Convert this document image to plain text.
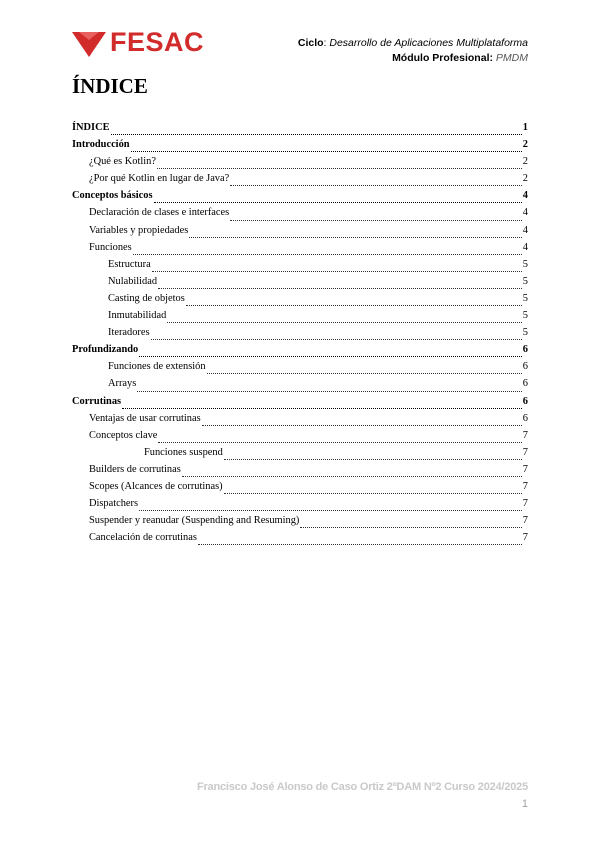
FESAC	Ciclo: Desarrollo de Aplicaciones Multiplataforma
Módulo Profesional: PMDM
ÍNDICE
ÍNDICE	1
Introducción	2
¿Qué es Kotlin?	2
¿Por qué Kotlin en lugar de Java?	2
Conceptos básicos	4
Declaración de clases e interfaces	4
Variables y propiedades	4
Funciones	4
Estructura	5
Nulabilidad	5
Casting de objetos	5
Inmutabilidad	5
Iteradores	5
Profundizando	6
Funciones de extensión	6
Arrays	6
Corrutinas	6
Ventajas de usar corrutinas	6
Conceptos clave	7
Funciones suspend	7
Builders de corrutinas	7
Scopes (Alcances de corrutinas)	7
Dispatchers	7
Suspender y reanudar (Suspending and Resuming)	7
Cancelación de corrutinas	7
Francisco José Alonso de Caso Ortiz 2ºDAM Nº2 Curso 2024/2025
1
